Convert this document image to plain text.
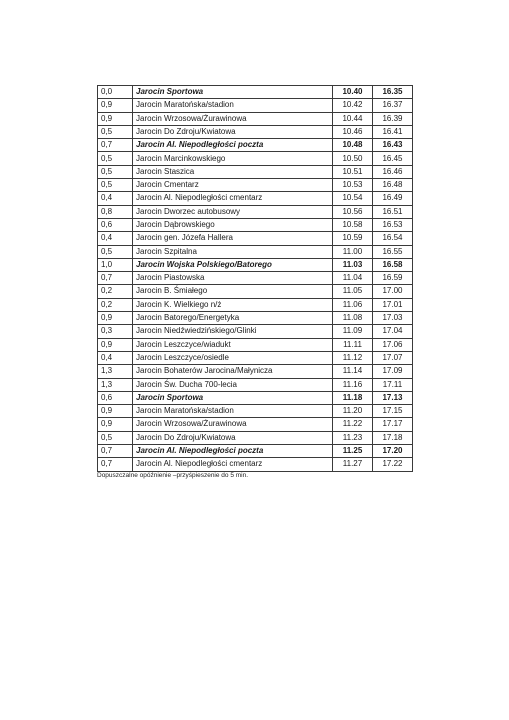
0,0	Jarocin Sportowa	10.40	16.35
0,9	Jarocin Maratońska/stadion	10.42	16.37
0,9	Jarocin Wrzosowa/Żurawinowa	10.44	16.39
0,5	Jarocin Do Zdroju/Kwiatowa	10.46	16.41
0,7	Jarocin Al. Niepodległości poczta	10.48	16.43
0,5	Jarocin Marcinkowskiego	10.50	16.45
0,5	Jarocin Staszica	10.51	16.46
0,5	Jarocin Cmentarz	10.53	16.48
0,4	Jarocin Al. Niepodległości cmentarz	10.54	16.49
0,8	Jarocin Dworzec autobusowy	10.56	16.51
0,6	Jarocin Dąbrowskiego	10.58	16.53
0,4	Jarocin gen. Józefa Hallera	10.59	16.54
0,5	Jarocin Szpitalna	11.00	16.55
1,0	Jarocin Wojska Polskiego/Batorego	11.03	16.58
0,7	Jarocin Piastowska	11.04	16.59
0,2	Jarocin B. Śmiałego	11.05	17.00
0,2	Jarocin K. Wielkiego n/ż	11.06	17.01
0,9	Jarocin Batorego/Energetyka	11.08	17.03
0,3	Jarocin Niedźwiedzińskiego/Glinki	11.09	17.04
0,9	Jarocin Leszczyce/wiadukt	11.11	17.06
0,4	Jarocin Leszczyce/osiedle	11.12	17.07
1,3	Jarocin Bohaterów Jarocina/Małynicza	11.14	17.09
1,3	Jarocin Św. Ducha 700-lecia	11.16	17.11
0,6	Jarocin Sportowa	11.18	17.13
0,9	Jarocin Maratońska/stadion	11.20	17.15
0,9	Jarocin Wrzosowa/Żurawinowa	11.22	17.17
0,5	Jarocin Do Zdroju/Kwiatowa	11.23	17.18
0,7	Jarocin Al. Niepodległości poczta	11.25	17.20
0,7	Jarocin Al. Niepodległości cmentarz	11.27	17.22
Dopuszczalne opóźnienie –przyśpieszenie do 5 min.
